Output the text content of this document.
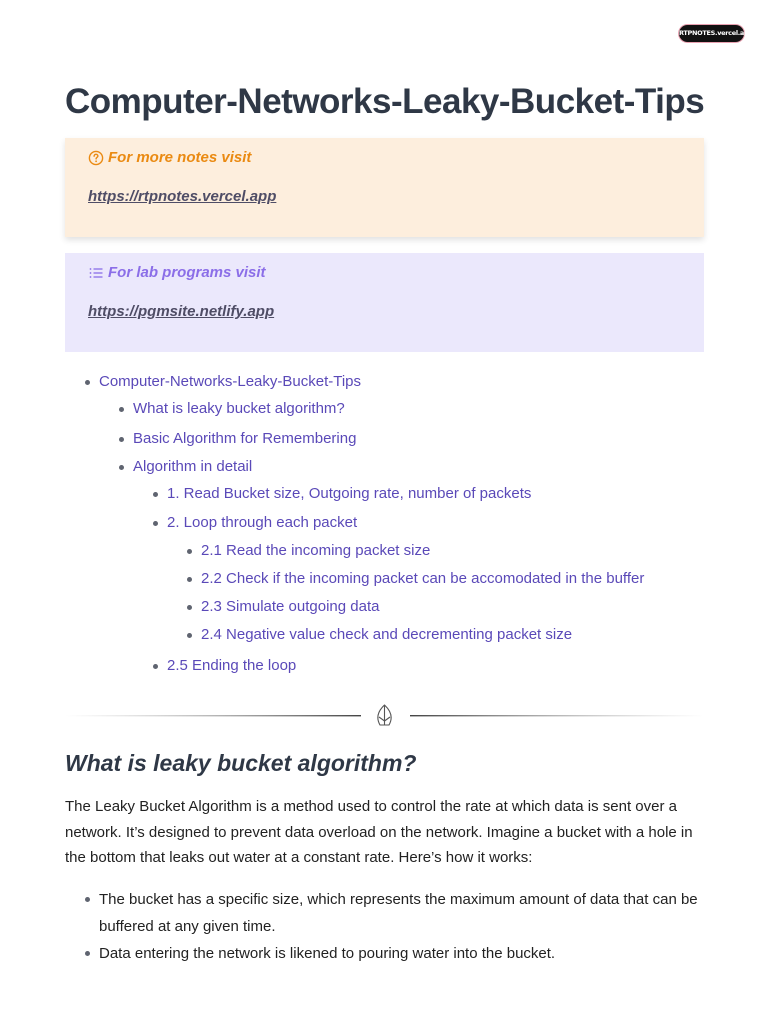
RTPNOTES.vercel.app
Computer-Networks-Leaky-Bucket-Tips
For more notes visit
https://rtpnotes.vercel.app
For lab programs visit
https://pgmsite.netlify.app
Computer-Networks-Leaky-Bucket-Tips
What is leaky bucket algorithm?
Basic Algorithm for Remembering
Algorithm in detail
1. Read Bucket size, Outgoing rate, number of packets
2. Loop through each packet
2.1 Read the incoming packet size
2.2 Check if the incoming packet can be accomodated in the buffer
2.3 Simulate outgoing data
2.4 Negative value check and decrementing packet size
2.5 Ending the loop
What is leaky bucket algorithm?

The Leaky Bucket Algorithm is a method used to control the rate at which data is sent over a network. It’s designed to prevent data overload on the network. Imagine a bucket with a hole in the bottom that leaks out water at a constant rate. Here’s how it works:

The bucket has a specific size, which represents the maximum amount of data that can be buffered at any given time.
Data entering the network is likened to pouring water into the bucket.
